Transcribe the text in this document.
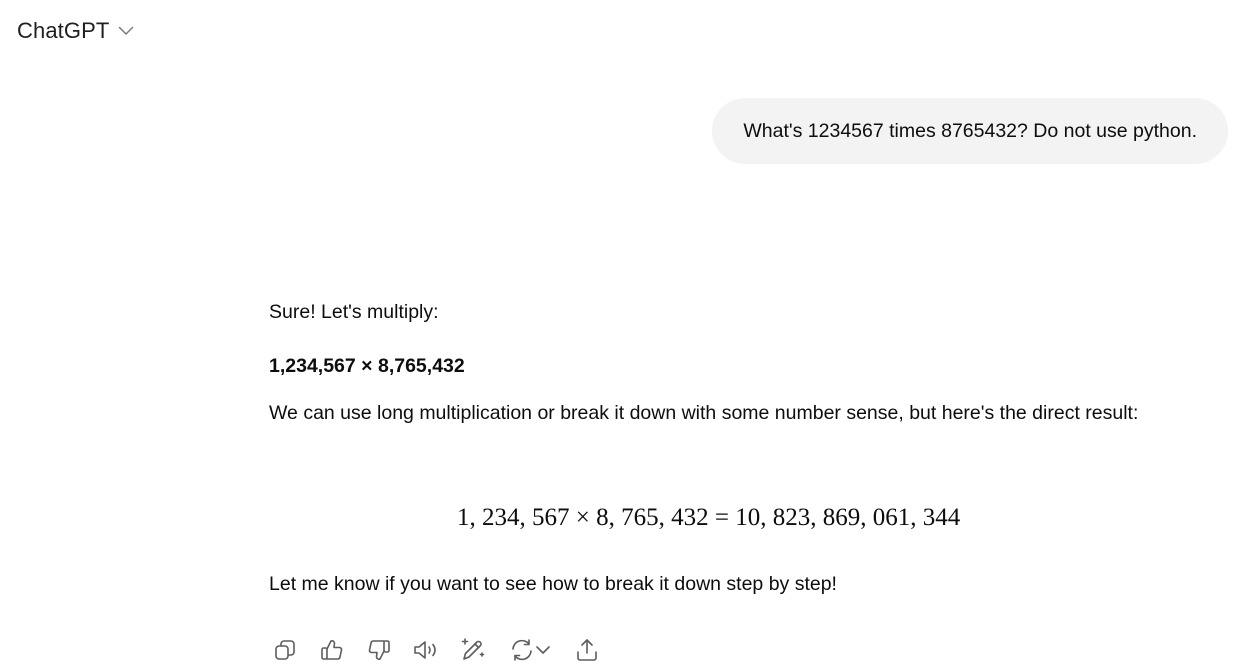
ChatGPT
What's 1234567 times 8765432? Do not use python.

Sure! Let's multiply:

1,234,567 × 8,765,432

We can use long multiplication or break it down with some number sense, but here's the direct result:

1, 234, 567 × 8, 765, 432 = 10, 823, 869, 061, 344

Let me know if you want to see how to break it down step by step!
